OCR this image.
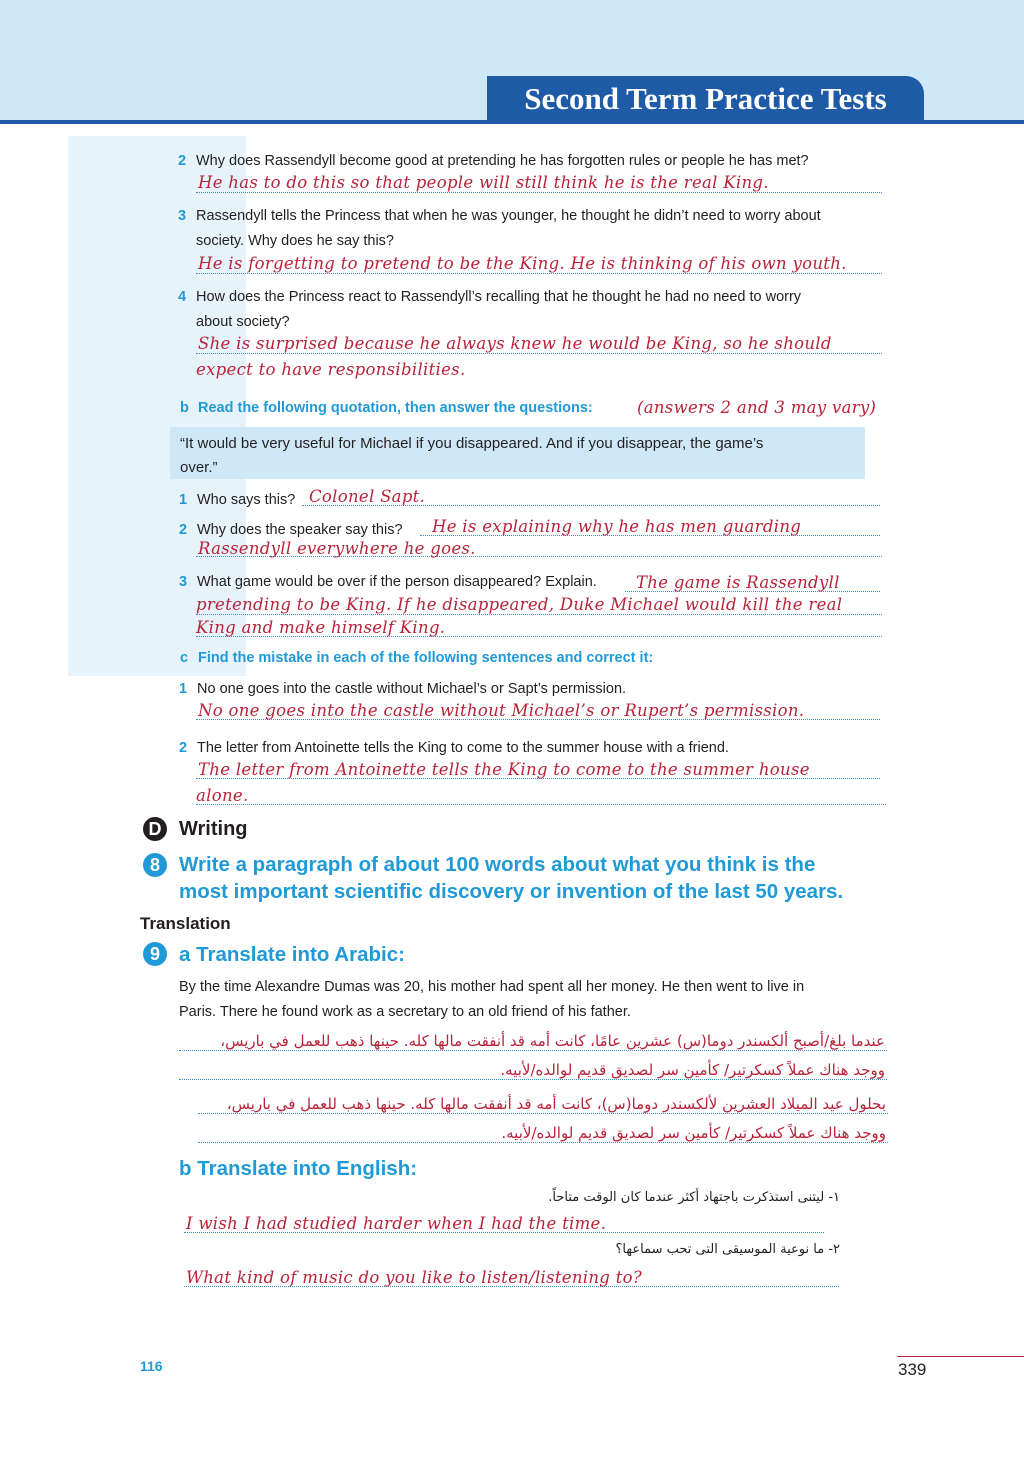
Second Term Practice Tests
2 Why does Rassendyll become good at pretending he has forgotten rules or people he has met?
He has to do this so that people will still think he is the real King.
3 Rassendyll tells the Princess that when he was younger, he thought he didn’t need to worry about
society. Why does he say this?
He is forgetting to pretend to be the King. He is thinking of his own youth.
4 How does the Princess react to Rassendyll’s recalling that he thought he had no need to worry
about society?
She is surprised because he always knew he would be King, so he should
expect to have responsibilities.
b Read the following quotation, then answer the questions:	(answers 2 and 3 may vary)
“It would be very useful for Michael if you disappeared. And if you disappear, the game’s
over.”
1 Who says this? Colonel Sapt.
2 Why does the speaker say this? He is explaining why he has men guarding
Rassendyll everywhere he goes.
3 What game would be over if the person disappeared? Explain. The game is Rassendyll
pretending to be King. If he disappeared, Duke Michael would kill the real
King and make himself King.
c Find the mistake in each of the following sentences and correct it:
1 No one goes into the castle without Michael’s or Sapt’s permission.
No one goes into the castle without Michael’s or Rupert’s permission.
2 The letter from Antoinette tells the King to come to the summer house with a friend.
The letter from Antoinette tells the King to come to the summer house
alone.
D Writing
8 Write a paragraph of about 100 words about what you think is the
most important scientific discovery or invention of the last 50 years.
Translation
9 a Translate into Arabic:
By the time Alexandre Dumas was 20, his mother had spent all her money. He then went to live in
Paris. There he found work as a secretary to an old friend of his father.
عندما بلغ/أصبح ألكسندر دوما(س) عشرين عامًا، كانت أمه قد أنفقت مالها كله. حينها ذهب للعمل في باريس،
ووجد هناك عملاً كسكرتير/ كأمين سر لصديق قديم لوالده/لأبيه.
بحلول عيد الميلاد العشرين لألكسندر دوما(س)، كانت أمه قد أنفقت مالها كله. حينها ذهب للعمل في باريس،
ووجد هناك عملاً كسكرتير/ كأمين سر لصديق قديم لوالده/لأبيه.
b Translate into English:
١- ليتنى استذكرت باجتهاد أكثر عندما كان الوقت متاحاً.
I wish I had studied harder when I had the time.
٢- ما نوعية الموسيقى التى تحب سماعها؟
What kind of music do you like to listen/listening to?
116	339
